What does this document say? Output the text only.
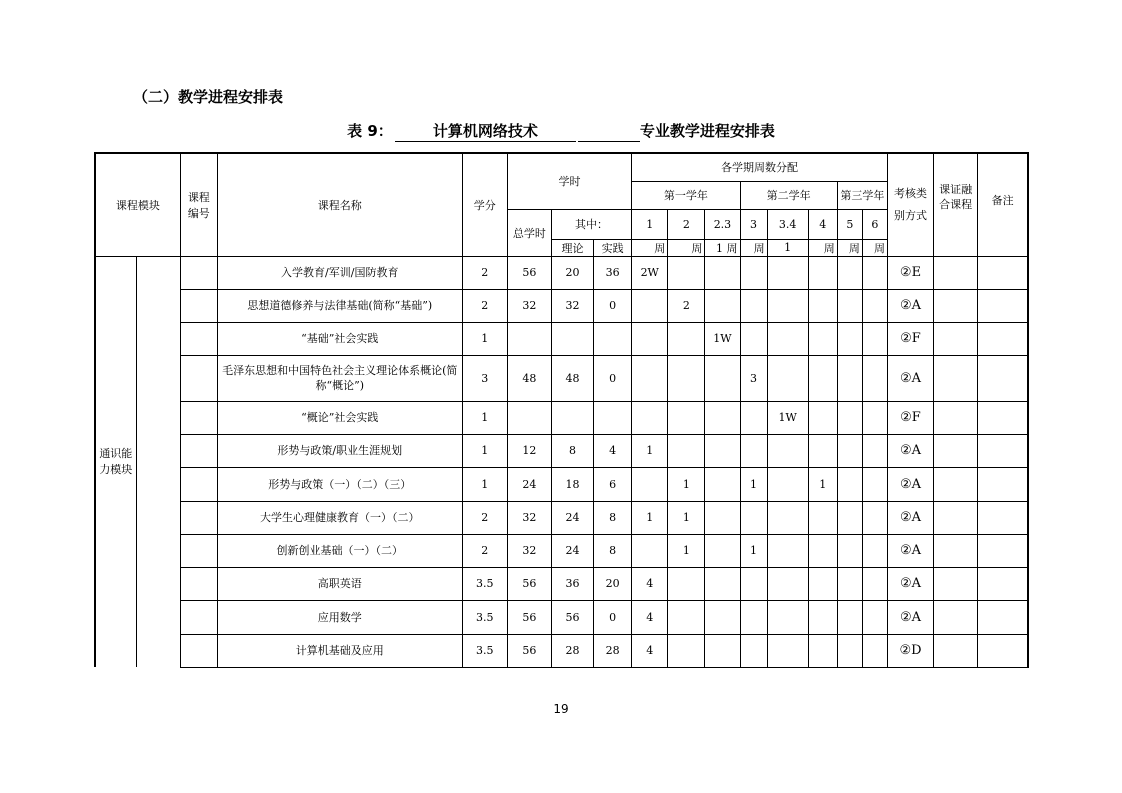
（二）教学进程安排表
表 9：	计算机网络技术	专业教学进程安排表
课程模块		课程编号	课程名称	学分	学时			各学期周数分配								考核类别方式	课证融合课程	备注
								第一学年			第二学年			第三学年				
					总学时	其中：		1	2	2.3	3	3.4	4	5	6			
						理论	实践	周	周	1 周	周	1	周	周	周			
通识能力模块			入学教育/军训/国防教育	2	56	20	36	2W								②E		
			思想道德修养与法律基础(简称“基础”)	2	32	32	0		2							②A		
			“基础”社会实践	1						1W						②F		
			毛泽东思想和中国特色社会主义理论体系概论(简称“概论”)	3	48	48	0				3					②A		
			“概论”社会实践	1								1W				②F		
			形势与政策/职业生涯规划	1	12	8	4	1								②A		
			形势与政策（一）（二）（三）	1	24	18	6		1		1		1			②A		
			大学生心理健康教育（一）（二）	2	32	24	8	1	1							②A		
			创新创业基础（一）（二）	2	32	24	8		1		1					②A		
			高职英语	3.5	56	36	20	4								②A		
			应用数学	3.5	56	56	0	4								②A		
			计算机基础及应用	3.5	56	28	28	4								②D		
19
